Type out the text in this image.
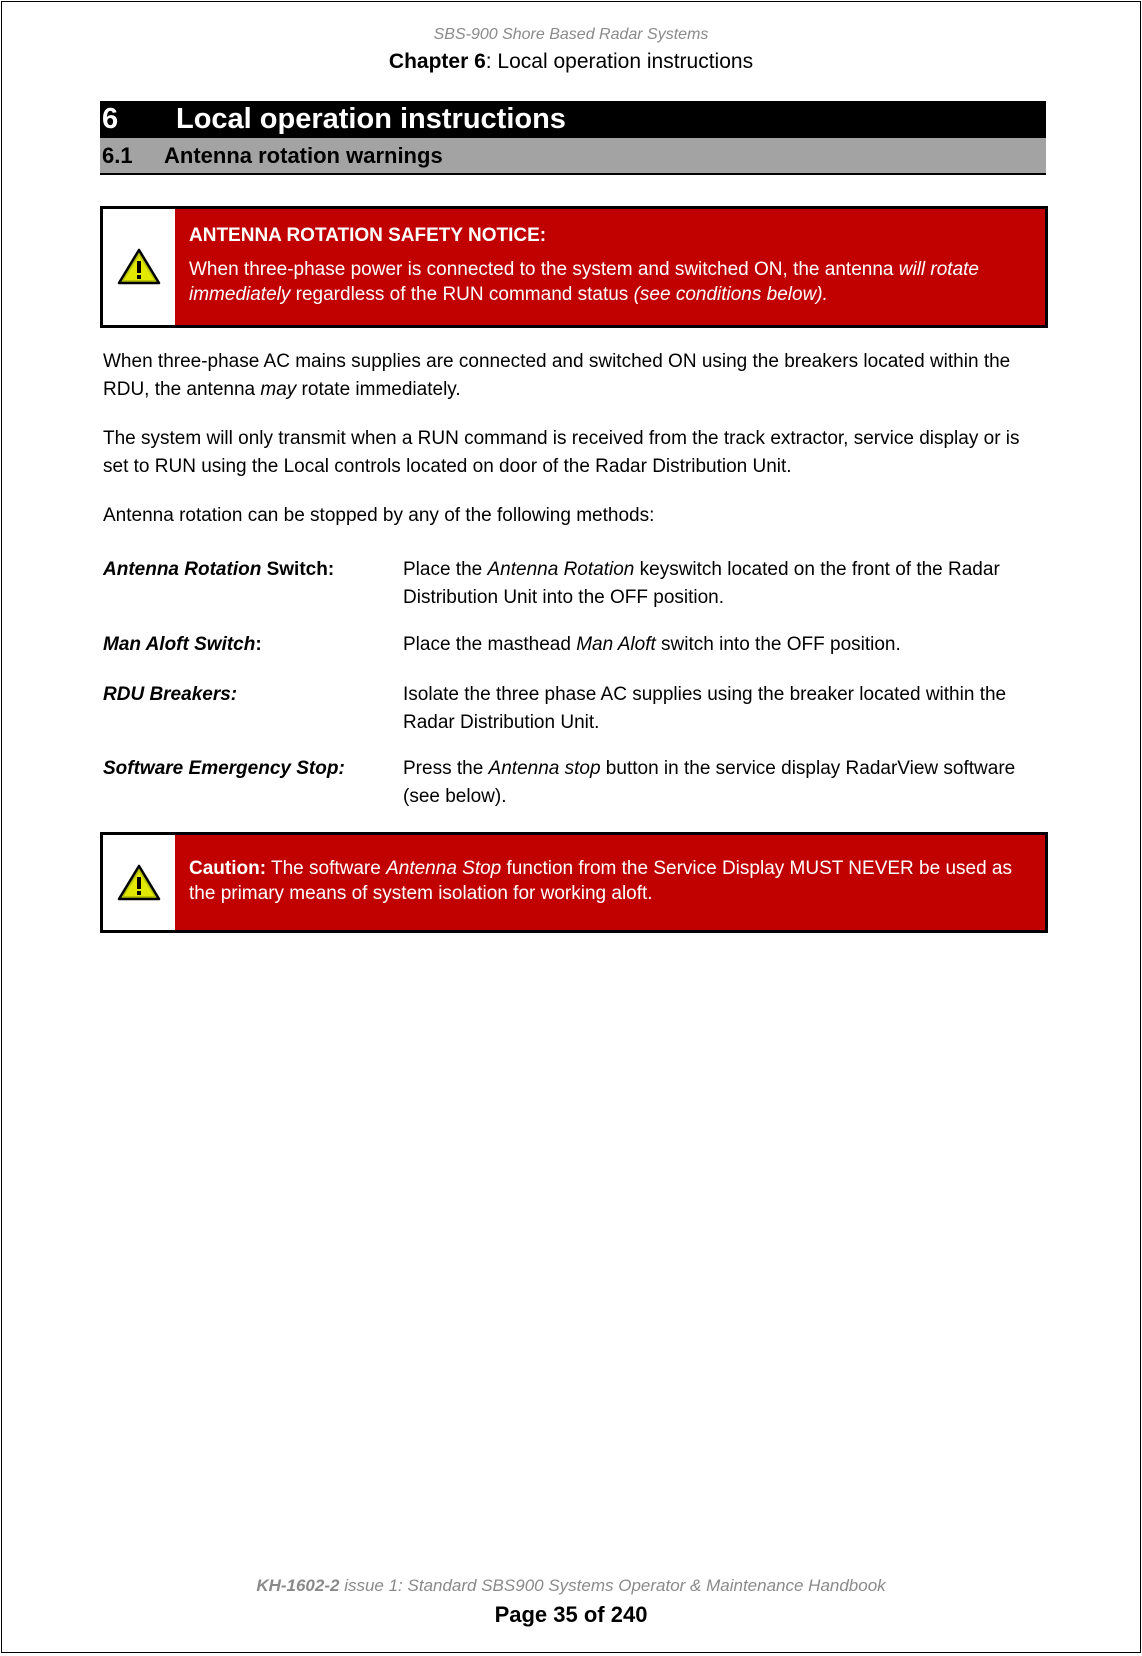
SBS-900 Shore Based Radar Systems
Chapter 6: Local operation instructions
6	Local operation instructions
6.1	Antenna rotation warnings
ANTENNA ROTATION SAFETY NOTICE:
When three-phase power is connected to the system and switched ON, the antenna will rotate immediately regardless of the RUN command status (see conditions below).
When three-phase AC mains supplies are connected and switched ON using the breakers located within the RDU, the antenna may rotate immediately.
The system will only transmit when a RUN command is received from the track extractor, service display or is set to RUN using the Local controls located on door of the Radar Distribution Unit.
Antenna rotation can be stopped by any of the following methods:
Antenna Rotation Switch:	Place the Antenna Rotation keyswitch located on the front of the Radar Distribution Unit into the OFF position.
Man Aloft Switch:	Place the masthead Man Aloft switch into the OFF position.
RDU Breakers:	Isolate the three phase AC supplies using the breaker located within the Radar Distribution Unit.
Software Emergency Stop:	Press the Antenna stop button in the service display RadarView software (see below).
Caution: The software Antenna Stop function from the Service Display MUST NEVER be used as the primary means of system isolation for working aloft.
KH-1602-2 issue 1: Standard SBS900 Systems Operator & Maintenance Handbook
Page 35 of 240
